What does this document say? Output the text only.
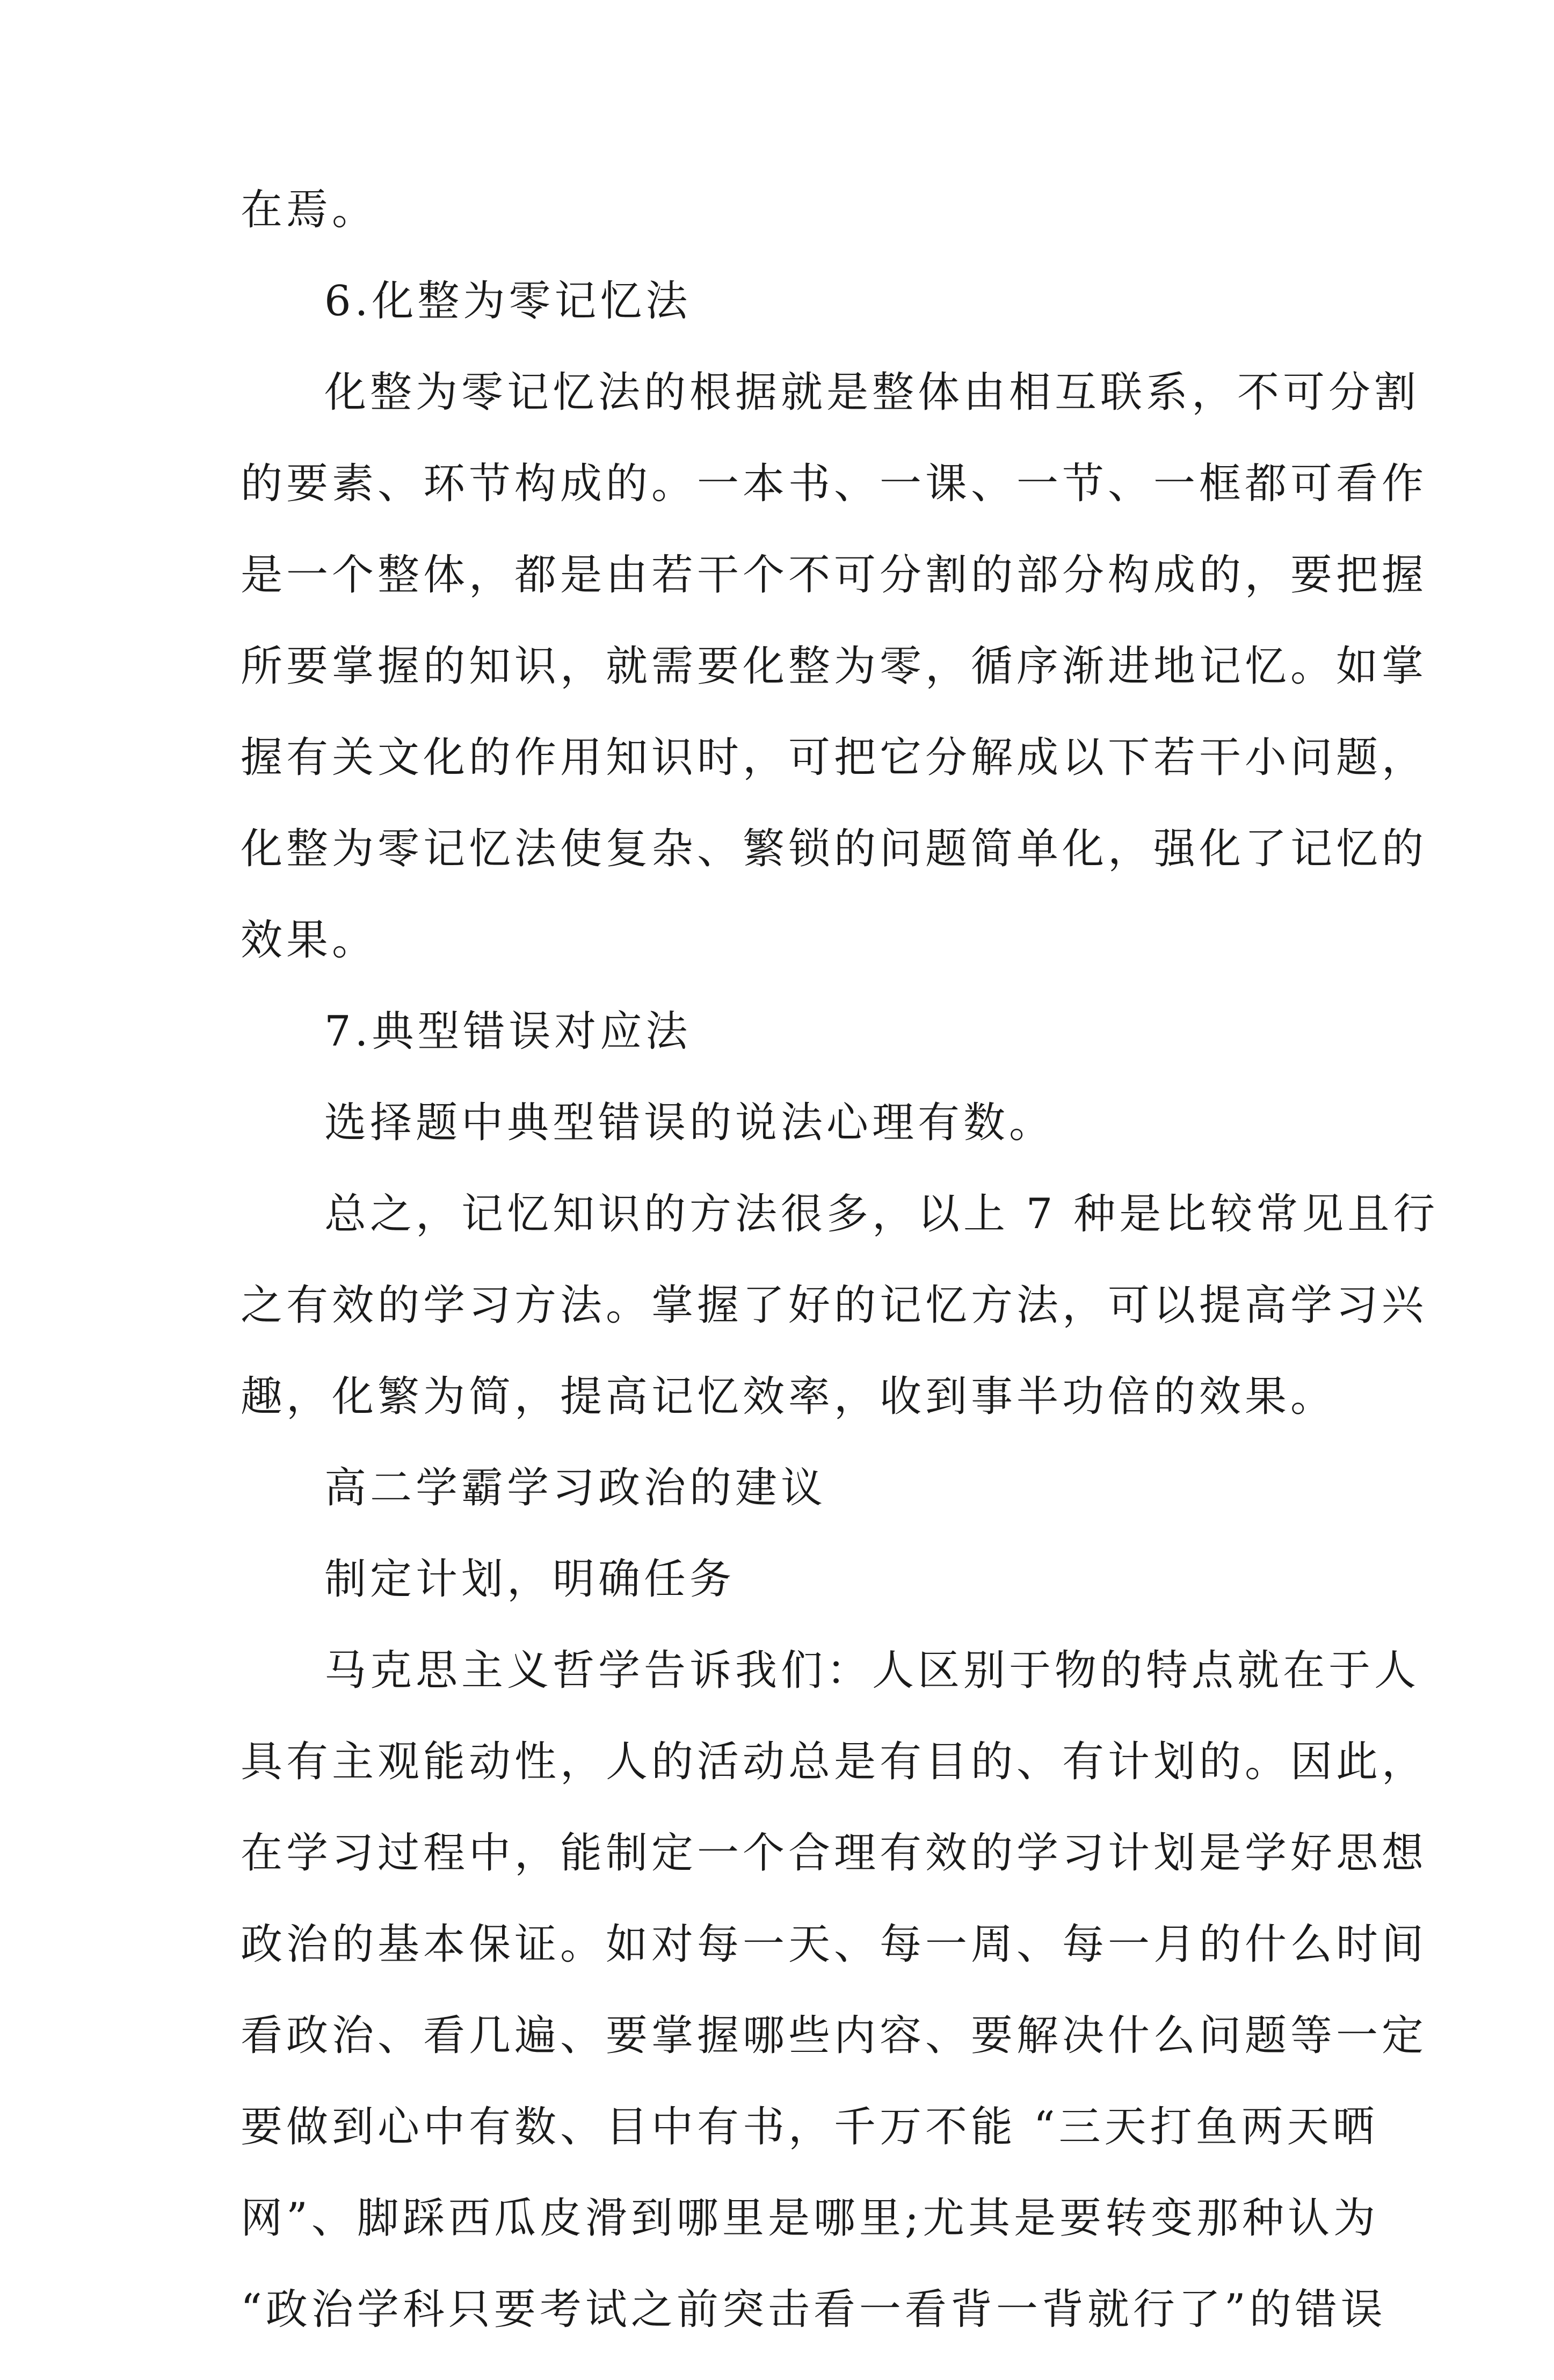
在焉。
6.化整为零记忆法
化整为零记忆法的根据就是整体由相互联系，不可分割
的要素、环节构成的。一本书、一课、一节、一框都可看作
是一个整体，都是由若干个不可分割的部分构成的，要把握
所要掌握的知识，就需要化整为零，循序渐进地记忆。如掌
握有关文化的作用知识时，可把它分解成以下若干小问题，
化整为零记忆法使复杂、繁锁的问题简单化，强化了记忆的
效果。
7.典型错误对应法
选择题中典型错误的说法心理有数。
总之，记忆知识的方法很多，以上 7 种是比较常见且行
之有效的学习方法。掌握了好的记忆方法，可以提高学习兴
趣，化繁为简，提高记忆效率，收到事半功倍的效果。
高二学霸学习政治的建议
制定计划，明确任务
马克思主义哲学告诉我们：人区别于物的特点就在于人
具有主观能动性，人的活动总是有目的、有计划的。因此，
在学习过程中，能制定一个合理有效的学习计划是学好思想
政治的基本保证。如对每一天、每一周、每一月的什么时间
看政治、看几遍、要掌握哪些内容、要解决什么问题等一定
要做到心中有数、目中有书，千万不能 “三天打鱼两天晒
网”、脚踩西瓜皮滑到哪里是哪里;尤其是要转变那种认为
“政治学科只要考试之前突击看一看背一背就行了”的错误
